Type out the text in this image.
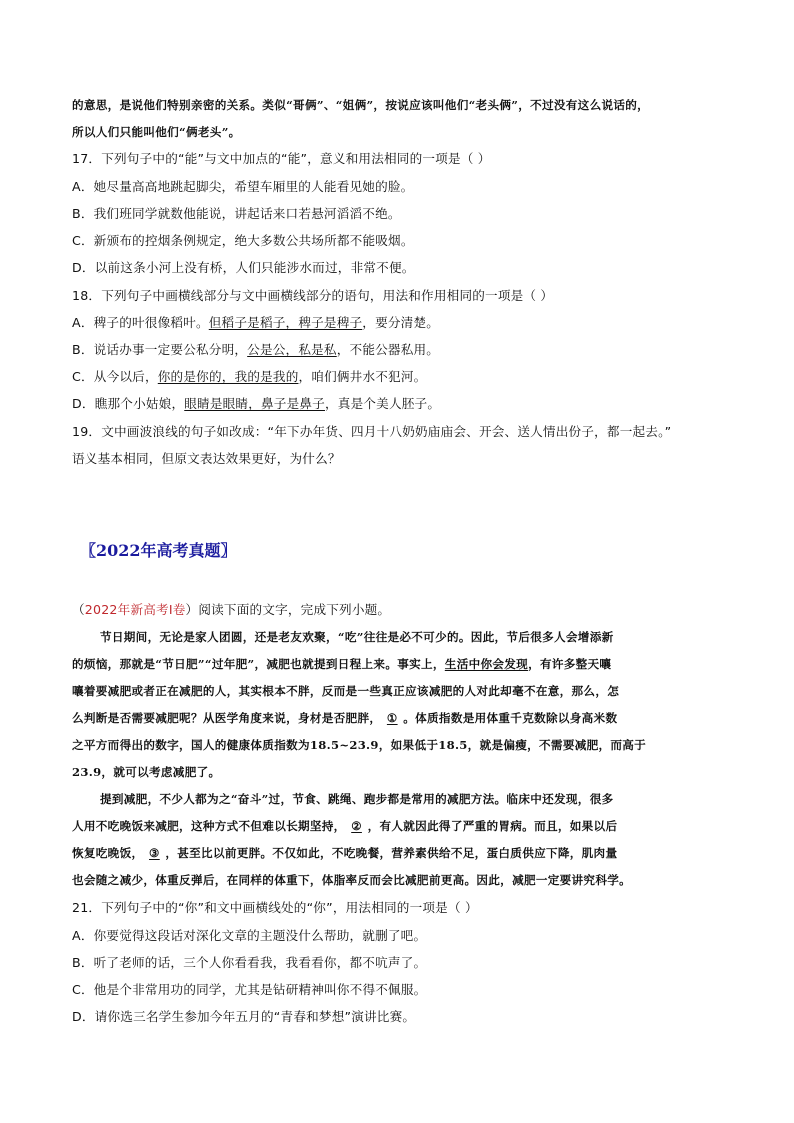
的意思，是说他们特别亲密的关系。类似“哥俩”、“姐俩”，按说应该叫他们“老头俩”，不过没有这么说话的，
所以人们只能叫他们“俩老头”。
17．下列句子中的“能”与文中加点的“能”，意义和用法相同的一项是（ ）
A．她尽量高高地跳起脚尖，希望车厢里的人能看见她的脸。
B．我们班同学就数他能说，讲起话来口若悬河滔滔不绝。
C．新颁布的控烟条例规定，绝大多数公共场所都不能吸烟。
D．以前这条小河上没有桥，人们只能涉水而过，非常不便。
18．下列句子中画横线部分与文中画横线部分的语句，用法和作用相同的一项是（ ）
A．稗子的叶很像稻叶。但稻子是稻子，稗子是稗子，要分清楚。
B．说话办事一定要公私分明，公是公，私是私，不能公器私用。
C．从今以后，你的是你的，我的是我的，咱们俩井水不犯河。
D．瞧那个小姑娘，眼睛是眼睛，鼻子是鼻子，真是个美人胚子。
19．文中画波浪线的句子如改成：“年下办年货、四月十八奶奶庙庙会、开会、送人情出份子，都一起去。”
语义基本相同，但原文表达效果更好，为什么？
〖2022年高考真题〗
（2022年新高考Ⅰ卷）阅读下面的文字，完成下列小题。
节日期间，无论是家人团圆，还是老友欢聚，“吃”往往是必不可少的。因此，节后很多人会增添新
的烦恼，那就是“节日肥”“过年肥”，减肥也就提到日程上来。事实上，生活中你会发现，有许多整天嚷
嚷着要减肥或者正在减肥的人，其实根本不胖，反而是一些真正应该减肥的人对此却毫不在意，那么，怎
么判断是否需要减肥呢？从医学角度来说，身材是否肥胖， ① 。体质指数是用体重千克数除以身高米数
之平方而得出的数字，国人的健康体质指数为18.5~23.9，如果低于18.5，就是偏瘦，不需要减肥，而高于
23.9，就可以考虑减肥了。
提到减肥，不少人都为之“奋斗”过，节食、跳绳、跑步都是常用的减肥方法。临床中还发现，很多
人用不吃晚饭来减肥，这种方式不但难以长期坚持， ② ，有人就因此得了严重的胃病。而且，如果以后
恢复吃晚饭， ③ ，甚至比以前更胖。不仅如此，不吃晚餐，营养素供给不足，蛋白质供应下降，肌肉量
也会随之减少，体重反弹后，在同样的体重下，体脂率反而会比减肥前更高。因此，减肥一定要讲究科学。
21．下列句子中的“你”和文中画横线处的“你”，用法相同的一项是（ ）
A．你要觉得这段话对深化文章的主题没什么帮助，就删了吧。
B．听了老师的话，三个人你看看我，我看看你，都不吭声了。
C．他是个非常用功的同学，尤其是钻研精神叫你不得不佩服。
D．请你选三名学生参加今年五月的“青春和梦想”演讲比赛。
